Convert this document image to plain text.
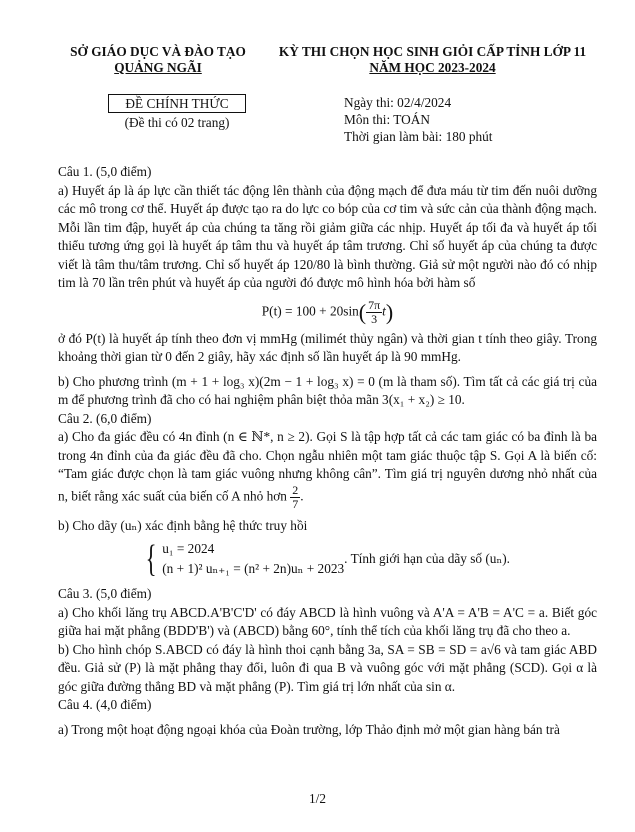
SỞ GIÁO DỤC VÀ ĐÀO TẠO
QUẢNG NGÃI
KỲ THI CHỌN HỌC SINH GIỎI CẤP TỈNH LỚP 11
NĂM HỌC 2023-2024
ĐỀ CHÍNH THỨC
(Đề thi có 02 trang)
Ngày thi: 02/4/2024
Môn thi: TOÁN
Thời gian làm bài: 180 phút

Câu 1. (5,0 điểm)

a) Huyết áp là áp lực cần thiết tác động lên thành của động mạch để đưa máu từ tim đến nuôi dưỡng các mô trong cơ thể. Huyết áp được tạo ra do lực co bóp của cơ tim và sức cản của thành động mạch. Mỗi lần tim đập, huyết áp của chúng ta tăng rồi giảm giữa các nhịp. Huyết áp tối đa và huyết áp tối thiểu tương ứng gọi là huyết áp tâm thu và huyết áp tâm trương. Chỉ số huyết áp của chúng ta được viết là tâm thu/tâm trương. Chỉ số huyết áp 120/80 là bình thường. Giả sử một người nào đó có nhịp tim là 70 lần trên phút và huyết áp của người đó được mô hình hóa bởi hàm số

$P(t) = 100 + 20\sin( \frac{7\pi}{3} t)$

ở đó P(t) là huyết áp tính theo đơn vị mmHg (milimét thủy ngân) và thời gian t tính theo giây. Trong khoảng thời gian từ 0 đến 2 giây, hãy xác định số lần huyết áp là 90 mmHg.

b) Cho phương trình (m + 1 + log₃ x)(2m − 1 + log₃ x) = 0 (m là tham số). Tìm tất cả các giá trị của m để phương trình đã cho có hai nghiệm phân biệt thỏa mãn 3(x₁ + x₂) ≥ 10.

Câu 2. (6,0 điểm)

a) Cho đa giác đều có 4n đỉnh (n ∈ ℕ*, n ≥ 2). Gọi S là tập hợp tất cả các tam giác có ba đỉnh là ba trong 4n đỉnh của đa giác đều đã cho. Chọn ngẫu nhiên một tam giác thuộc tập S. Gọi A là biến cố: “Tam giác được chọn là tam giác vuông nhưng không cân”. Tìm giá trị nguyên dương nhỏ nhất của n, biết rằng xác suất của biến cố A nhỏ hơn $\frac{2}{7}$ .

b) Cho dãy (uₙ) xác định bằng hệ thức truy hồi

{ u₁ = 2024
(n + 1)² uₙ₊₁ = (n² + 2n)uₙ + 2023
. Tính giới hạn của dãy số (uₙ).

Câu 3. (5,0 điểm)

a) Cho khối lăng trụ ABCD.A'B'C'D' có đáy ABCD là hình vuông và A'A = A'B = A'C = a. Biết góc giữa hai mặt phẳng (BDD'B') và (ABCD) bằng 60°, tính thể tích của khối lăng trụ đã cho theo a.

b) Cho hình chóp S.ABCD có đáy là hình thoi cạnh bằng 3a, SA = SB = SD = a√6 và tam giác ABD đều. Giả sử (P) là mặt phẳng thay đổi, luôn đi qua B và vuông góc với mặt phẳng (SCD). Gọi α là góc giữa đường thẳng BD và mặt phẳng (P). Tìm giá trị lớn nhất của sin α.

Câu 4. (4,0 điểm)

a) Trong một hoạt động ngoại khóa của Đoàn trường, lớp Thảo định mở một gian hàng bán trà

1/2
